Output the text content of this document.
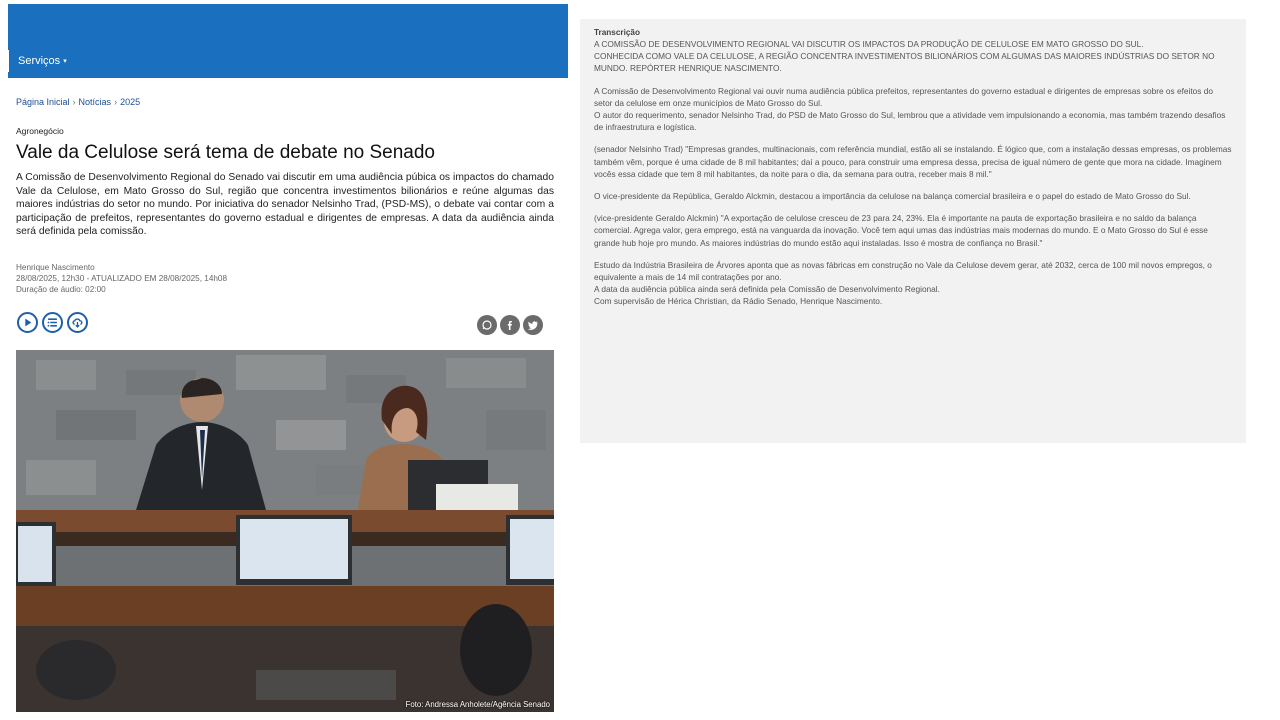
Serviços ▾
Página Inicial › Notícias › 2025
Agronegócio
Vale da Celulose será tema de debate no Senado

A Comissão de Desenvolvimento Regional do Senado vai discutir em uma audiência púbica os impactos do chamado Vale da Celulose, em Mato Grosso do Sul, região que concentra investimentos bilionários e reúne algumas das maiores indústrias do setor no mundo. Por iniciativa do senador Nelsinho Trad, (PSD-MS), o debate vai contar com a participação de prefeitos, representantes do governo estadual e dirigentes de empresas. A data da audiência ainda será definida pela comissão.

Henrique Nascimento
28/08/2025, 12h30 - ATUALIZADO EM 28/08/2025, 14h08
Duração de áudio: 02:00
Foto: Andressa Anholete/Agência Senado
Transcrição

A COMISSÃO DE DESENVOLVIMENTO REGIONAL VAI DISCUTIR OS IMPACTOS DA PRODUÇÃO DE CELULOSE EM MATO GROSSO DO SUL.

CONHECIDA COMO VALE DA CELULOSE, A REGIÃO CONCENTRA INVESTIMENTOS BILIONÁRIOS COM ALGUMAS DAS MAIORES INDÚSTRIAS DO SETOR NO MUNDO. REPÓRTER HENRIQUE NASCIMENTO.

A Comissão de Desenvolvimento Regional vai ouvir numa audiência pública prefeitos, representantes do governo estadual e dirigentes de empresas sobre os efeitos do setor da celulose em onze municípios de Mato Grosso do Sul.

O autor do requerimento, senador Nelsinho Trad, do PSD de Mato Grosso do Sul, lembrou que a atividade vem impulsionando a economia, mas também trazendo desafios de infraestrutura e logística.

(senador Nelsinho Trad) "Empresas grandes, multinacionais, com referência mundial, estão ali se instalando. É lógico que, com a instalação dessas empresas, os problemas também vêm, porque é uma cidade de 8 mil habitantes; daí a pouco, para construir uma empresa dessa, precisa de igual número de gente que mora na cidade. Imaginem vocês essa cidade que tem 8 mil habitantes, da noite para o dia, da semana para outra, receber mais 8 mil."

O vice-presidente da República, Geraldo Alckmin, destacou a importância da celulose na balança comercial brasileira e o papel do estado de Mato Grosso do Sul.

(vice-presidente Geraldo Alckmin) "A exportação de celulose cresceu de 23 para 24, 23%. Ela é importante na pauta de exportação brasileira e no saldo da balança comercial. Agrega valor, gera emprego, está na vanguarda da inovação. Você tem aqui umas das indústrias mais modernas do mundo. E o Mato Grosso do Sul é esse grande hub hoje pro mundo. As maiores indústrias do mundo estão aqui instaladas. Isso é mostra de confiança no Brasil."

Estudo da Indústria Brasileira de Árvores aponta que as novas fábricas em construção no Vale da Celulose devem gerar, até 2032, cerca de 100 mil novos empregos, o equivalente a mais de 14 mil contratações por ano.

A data da audiência pública ainda será definida pela Comissão de Desenvolvimento Regional.

Com supervisão de Hérica Christian, da Rádio Senado, Henrique Nascimento.
